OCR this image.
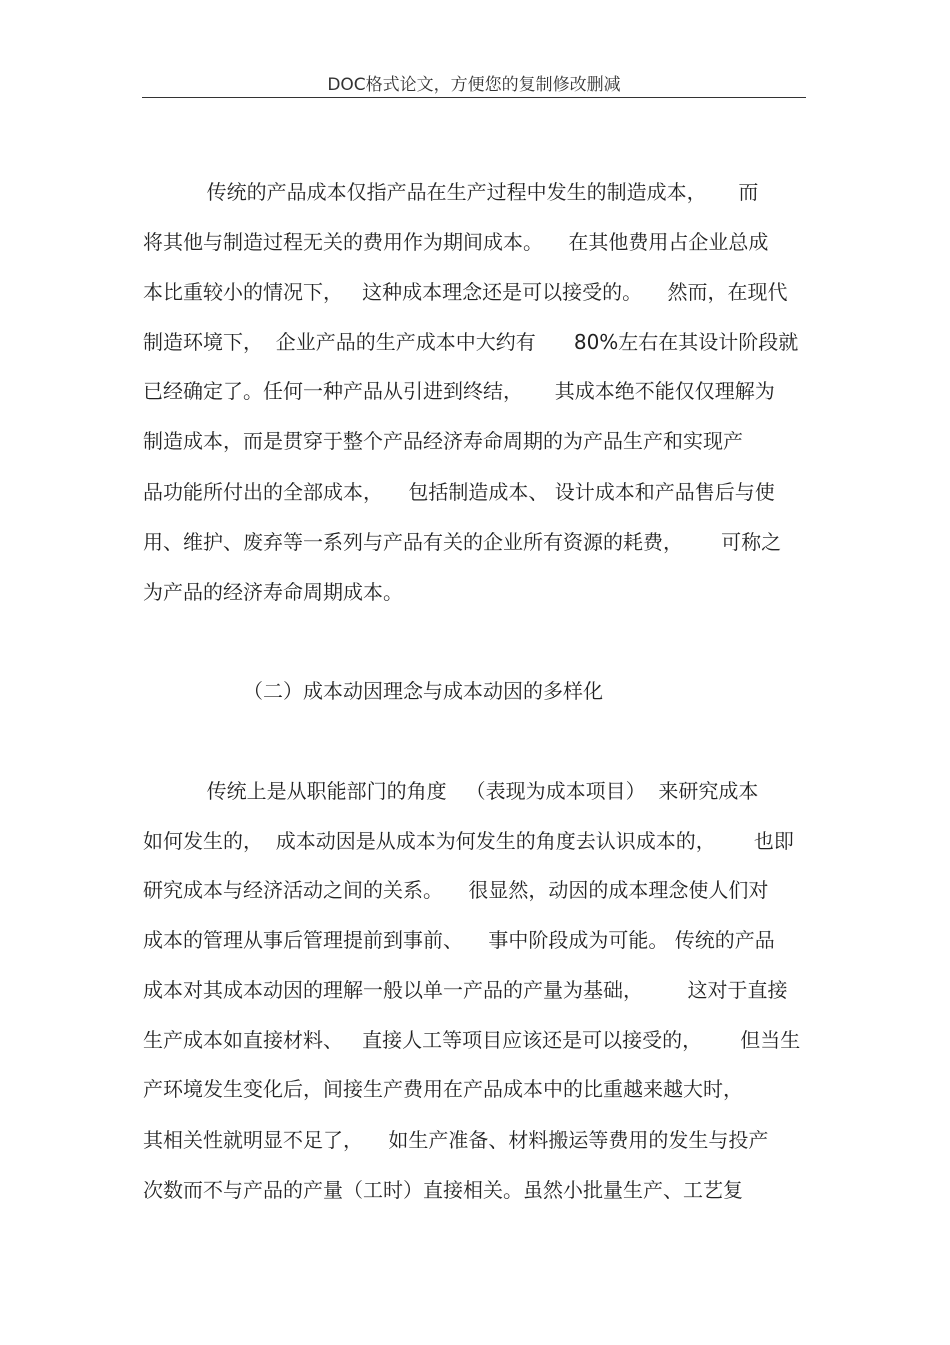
DOC格式论文，方便您的复制修改删减
传统的产品成本仅指产品在生产过程中发生的制造成本，     而
将其他与制造过程无关的费用作为期间成本。    在其他费用占企业总成
本比重较小的情况下，   这种成本理念还是可以接受的。    然而，在现代
制造环境下，  企业产品的生产成本中大约有      80%左右在其设计阶段就
已经确定了。任何一种产品从引进到终结，     其成本绝不能仅仅理解为
制造成本，而是贯穿于整个产品经济寿命周期的为产品生产和实现产
品功能所付出的全部成本，    包括制造成本、 设计成本和产品售后与使
用、维护、废弃等一系列与产品有关的企业所有资源的耗费，      可称之
为产品的经济寿命周期成本。
（二）成本动因理念与成本动因的多样化
传统上是从职能部门的角度   （表现为成本项目）  来研究成本
如何发生的，  成本动因是从成本为何发生的角度去认识成本的，      也即
研究成本与经济活动之间的关系。    很显然，动因的成本理念使人们对
成本的管理从事后管理提前到事前、    事中阶段成为可能。 传统的产品
成本对其成本动因的理解一般以单一产品的产量为基础，       这对于直接
生产成本如直接材料、   直接人工等项目应该还是可以接受的，      但当生
产环境发生变化后，间接生产费用在产品成本中的比重越来越大时，
其相关性就明显不足了，    如生产准备、材料搬运等费用的发生与投产
次数而不与产品的产量（工时）直接相关。虽然小批量生产、工艺复
